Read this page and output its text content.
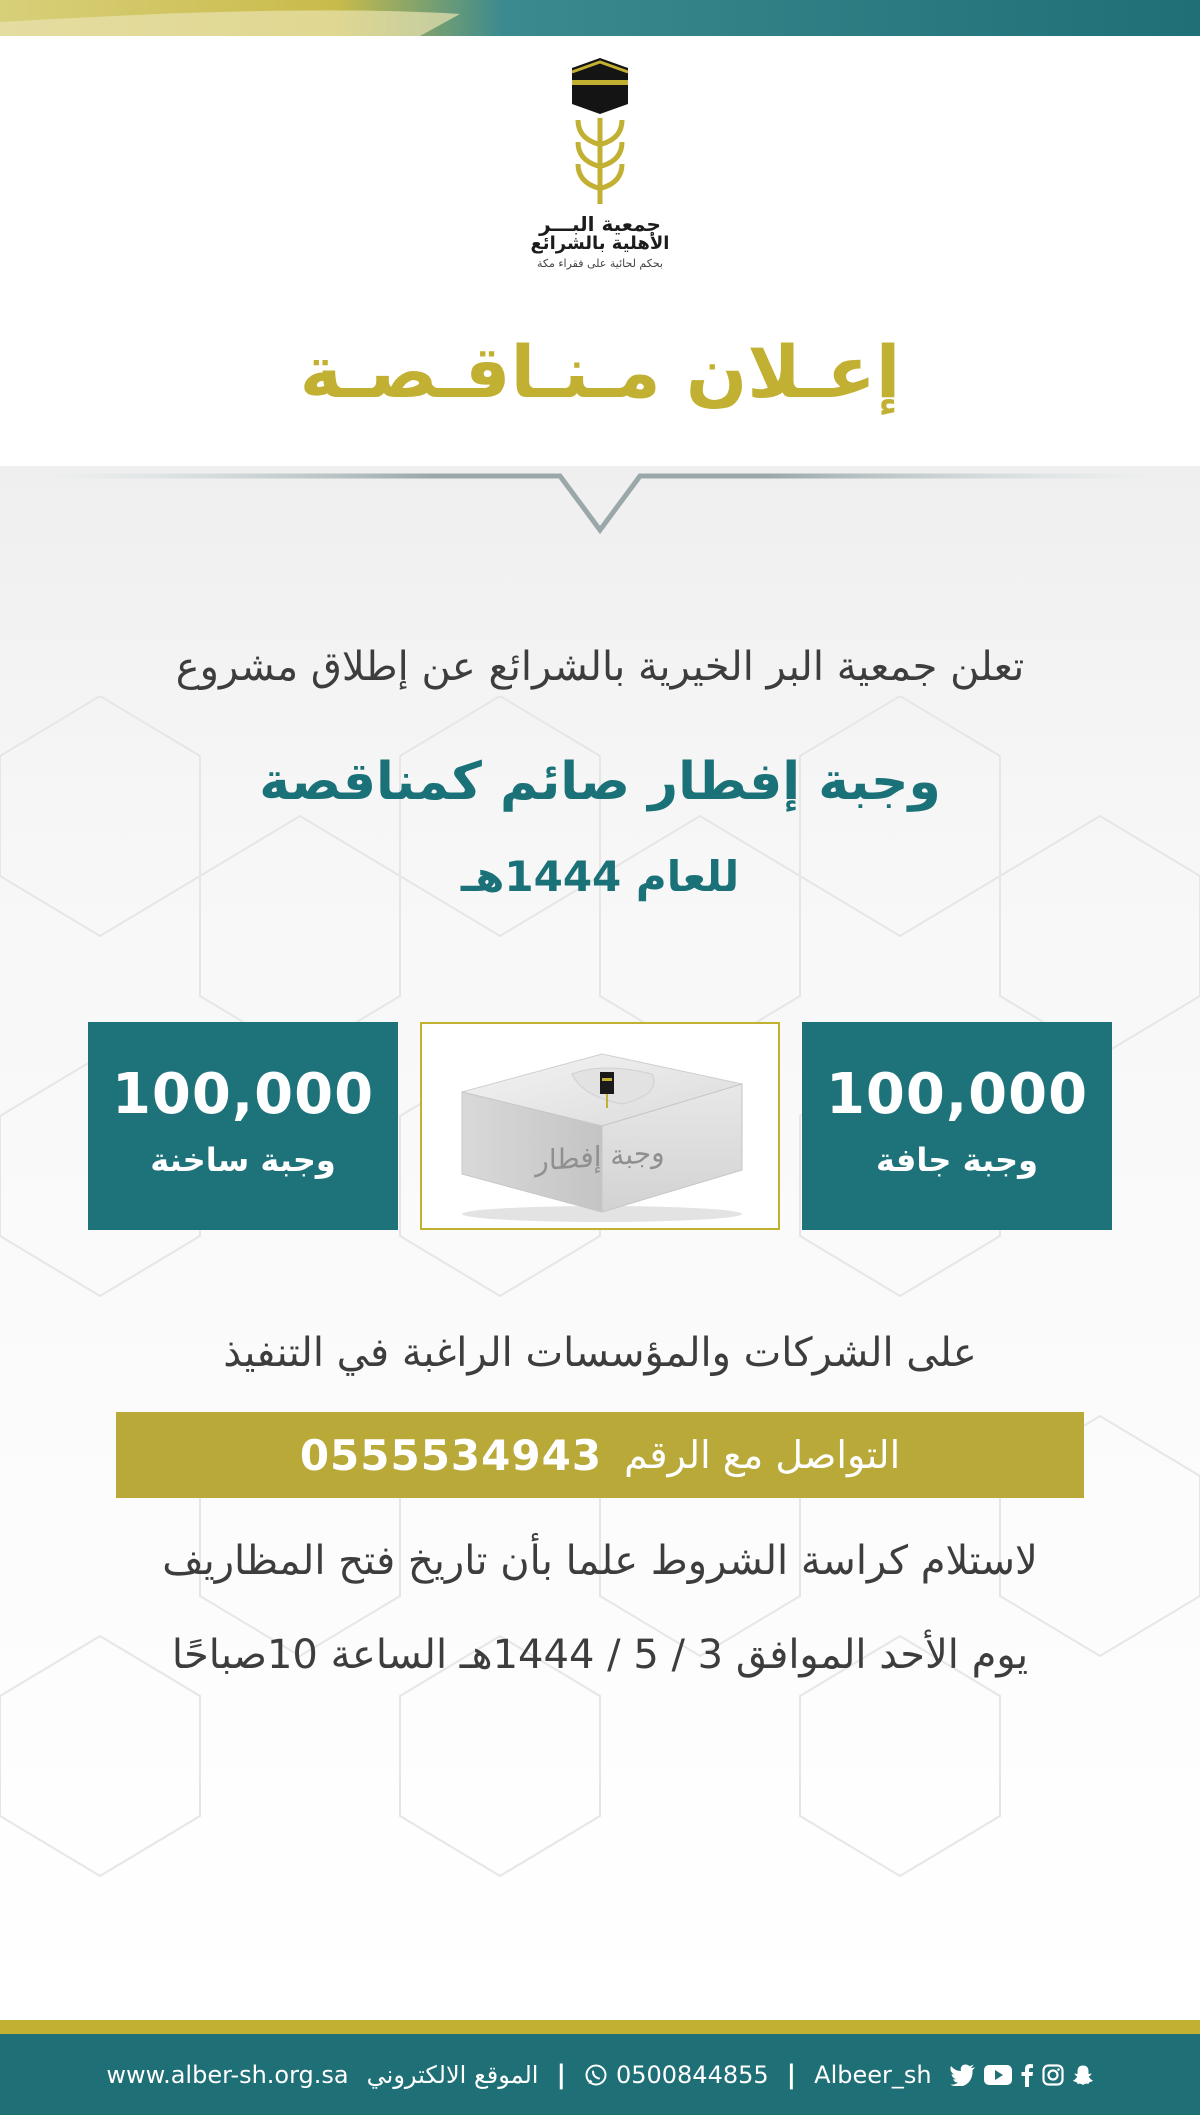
جمعية البـــر
الأهلية بالشرائع
بحكم لحائية على فقراء مكة
إعـلان مـنـاقـصـة
تعلن جمعية البر الخيرية بالشرائع عن إطلاق مشروع
وجبة إفطار صائم كمناقصة
للعام 1444هـ
100,000
وجبة جافة
وجبة إفطار
100,000
وجبة ساخنة
على الشركات والمؤسسات الراغبة في التنفيذ
التواصل مع الرقم
0555534943
لاستلام كراسة الشروط علما بأن تاريخ فتح المظاريف
يوم الأحد الموافق 3 / 5 / 1444هـ الساعة 10صباحًا
www.alber-sh.org.sa الموقع الالكتروني | 0500844855 | Albeer_sh
